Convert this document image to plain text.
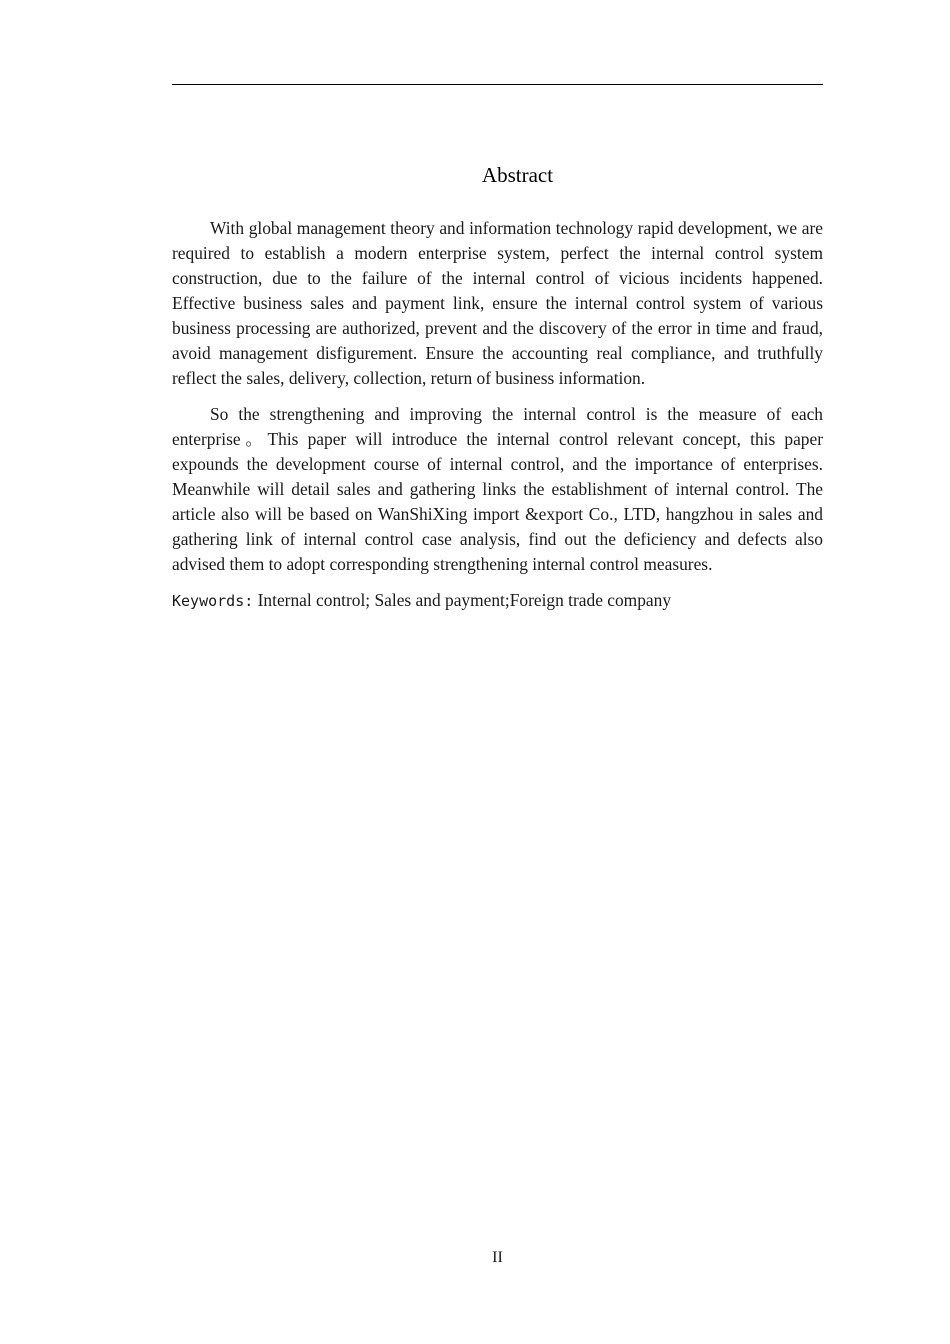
Abstract

With global management theory and information technology rapid development, we are required to establish a modern enterprise system, perfect the internal control system construction, due to the failure of the internal control of vicious incidents happened. Effective business sales and payment link, ensure the internal control system of various business processing are authorized, prevent and the discovery of the error in time and fraud, avoid management disfigurement. Ensure the accounting real compliance, and truthfully reflect the sales, delivery, collection, return of business information.

So the strengthening and improving the internal control is the measure of each enterprise。This paper will introduce the internal control relevant concept, this paper expounds the development course of internal control, and the importance of enterprises. Meanwhile will detail sales and gathering links the establishment of internal control. The article also will be based on WanShiXing import &export Co., LTD, hangzhou in sales and gathering link of internal control case analysis, find out the deficiency and defects also advised them to adopt corresponding strengthening internal control measures.

Keywords: Internal control; Sales and payment;Foreign trade company

II
